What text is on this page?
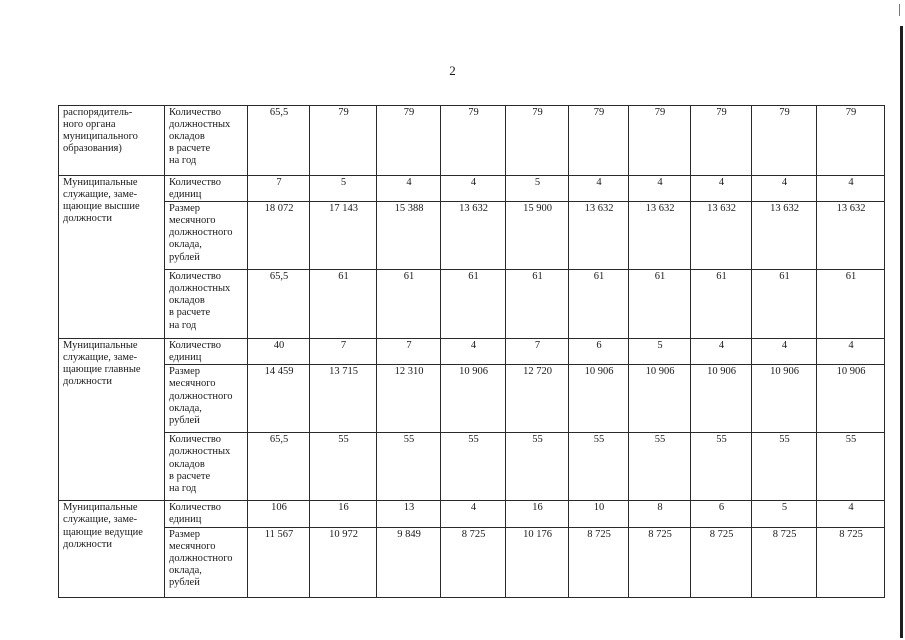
2
распорядитель-
ного органа
муниципального
образования)	Количество
должностных
окладов
в расчете
на год	65,5	79	79	79	79	79	79	79	79	79
Муниципальные
служащие, заме-
щающие высшие
должности	Количество
единиц	7	5	4	4	5	4	4	4	4	4
	Размер
месячного
должностного
оклада,
рублей	18 072	17 143	15 388	13 632	15 900	13 632	13 632	13 632	13 632	13 632
	Количество
должностных
окладов
в расчете
на год	65,5	61	61	61	61	61	61	61	61	61
Муниципальные
служащие, заме-
щающие главные
должности	Количество
единиц	40	7	7	4	7	6	5	4	4	4
	Размер
месячного
должностного
оклада,
рублей	14 459	13 715	12 310	10 906	12 720	10 906	10 906	10 906	10 906	10 906
	Количество
должностных
окладов
в расчете
на год	65,5	55	55	55	55	55	55	55	55	55
Муниципальные
служащие, заме-
щающие ведущие
должности	Количество
единиц	106	16	13	4	16	10	8	6	5	4
	Размер
месячного
должностного
оклада,
рублей	11 567	10 972	9 849	8 725	10 176	8 725	8 725	8 725	8 725	8 725
